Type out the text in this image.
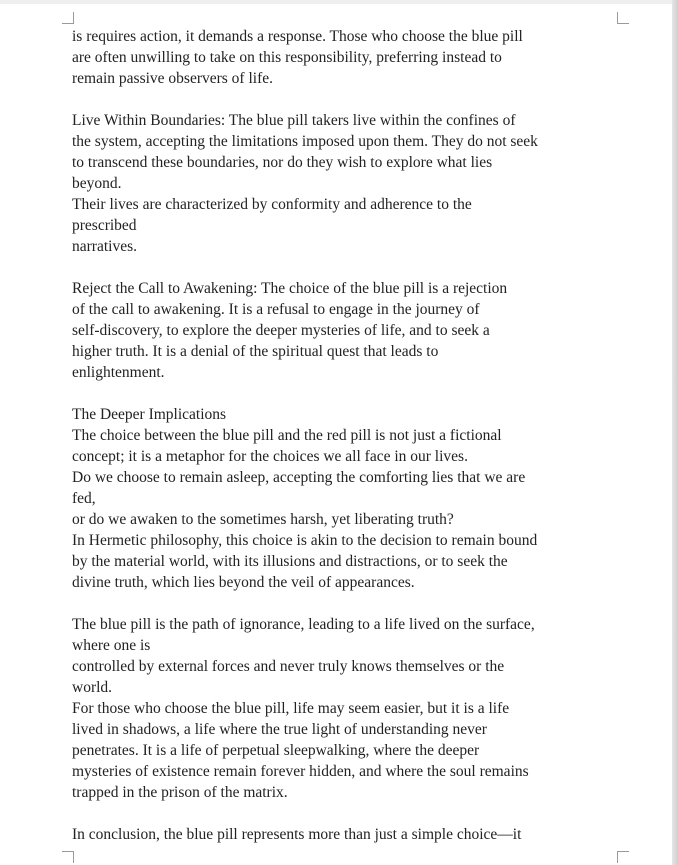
is requires action, it demands a response. Those who choose the blue pill
are often unwilling to take on this responsibility, preferring instead to
remain passive observers of life.
Live Within Boundaries: The blue pill takers live within the confines of
the system, accepting the limitations imposed upon them. They do not seek
to transcend these boundaries, nor do they wish to explore what lies
beyond.
Their lives are characterized by conformity and adherence to the
prescribed
narratives.
Reject the Call to Awakening: The choice of the blue pill is a rejection
of the call to awakening. It is a refusal to engage in the journey of
self-discovery, to explore the deeper mysteries of life, and to seek a
higher truth. It is a denial of the spiritual quest that leads to
enlightenment.
The Deeper Implications
The choice between the blue pill and the red pill is not just a fictional
concept; it is a metaphor for the choices we all face in our lives.
Do we choose to remain asleep, accepting the comforting lies that we are
fed,
or do we awaken to the sometimes harsh, yet liberating truth?
In Hermetic philosophy, this choice is akin to the decision to remain bound
by the material world, with its illusions and distractions, or to seek the
divine truth, which lies beyond the veil of appearances.
The blue pill is the path of ignorance, leading to a life lived on the surface,
where one is
controlled by external forces and never truly knows themselves or the
world.
For those who choose the blue pill, life may seem easier, but it is a life
lived in shadows, a life where the true light of understanding never
penetrates. It is a life of perpetual sleepwalking, where the deeper
mysteries of existence remain forever hidden, and where the soul remains
trapped in the prison of the matrix.
In conclusion, the blue pill represents more than just a simple choice—it
